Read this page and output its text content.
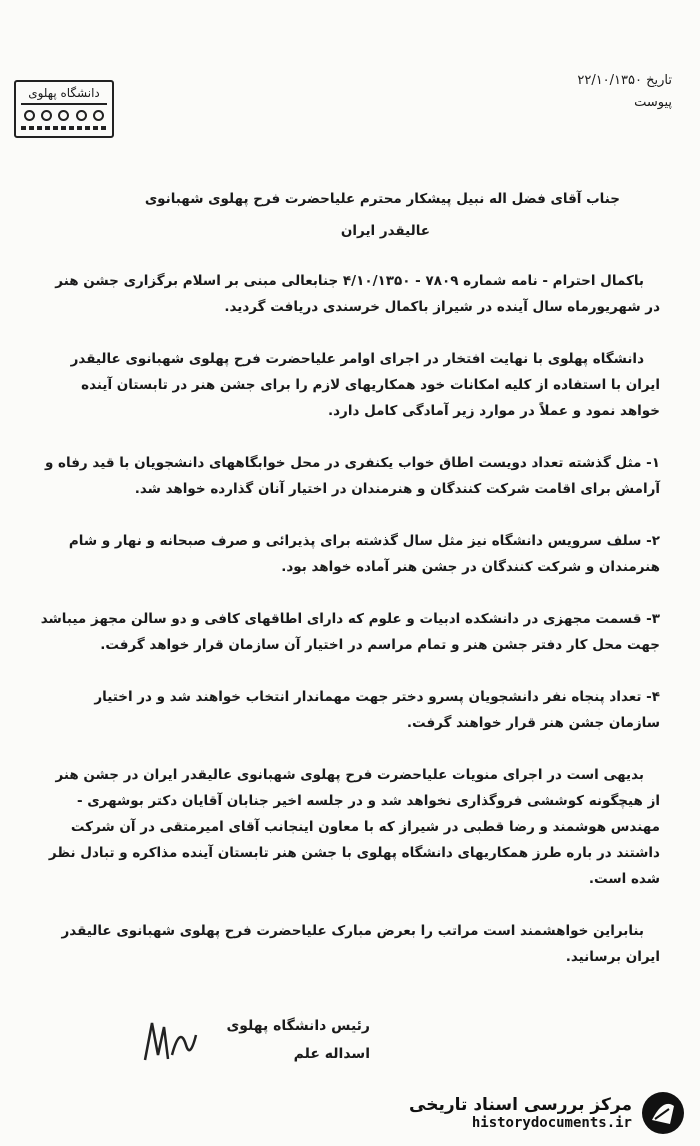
دانشگاه پهلوی
تاریخ ۲۲/۱۰/۱۳۵۰
پیوست

جناب آقای فضل اله نبیل پیشکار محترم علیاحضرت فرح پهلوی شهبانوی

عالیقدر ایران

باکمال احترام - نامه شماره ۷۸۰۹ - ۴/۱۰/۱۳۵۰ جنابعالی مبنی بر اسلام برگزاری جشن هنر در شهریورماه سال آینده در شیراز باکمال خرسندی دریافت گردید.

دانشگاه پهلوی با نهایت افتخار در اجرای اوامر علیاحضرت فرح پهلوی شهبانوی عالیقدر ایران با استفاده از کلیه امکانات خود همکاریهای لازم را برای جشن هنر در تابستان آینده خواهد نمود و عملاً در موارد زیر آمادگی کامل دارد.

۱- مثل گذشته تعداد دویست اطاق خواب یکنفری در محل خوابگاههای دانشجویان با قید رفاه و آرامش برای اقامت شرکت کنندگان و هنرمندان در اختیار آنان گذارده خواهد شد.

۲- سلف سرویس دانشگاه نیز مثل سال گذشته برای پذیرائی و صرف صبحانه و نهار و شام هنرمندان و شرکت کنندگان در جشن هنر آماده خواهد بود.

۳- قسمت مجهزی در دانشکده ادبیات و علوم که دارای اطاقهای کافی و دو سالن مجهز میباشد جهت محل کار دفتر جشن هنر و تمام مراسم در اختیار آن سازمان قرار خواهد گرفت.

۴- تعداد پنجاه نفر دانشجویان پسرو دختر جهت مهماندار انتخاب خواهند شد و در اختیار سازمان جشن هنر قرار خواهند گرفت.

بدیهی است در اجرای منویات علیاحضرت فرح پهلوی شهبانوی عالیقدر ایران در جشن هنر از هیچگونه کوششی فروگذاری نخواهد شد و در جلسه اخیر جنابان آقایان دکتر بوشهری - مهندس هوشمند و رضا قطبی در شیراز که با معاون اینجانب آقای امیرمتقی در آن شرکت داشتند در باره طرز همکاریهای دانشگاه پهلوی با جشن هنر تابستان آینده مذاکره و تبادل نظر شده است.

بنابراین خواهشمند است مراتب را بعرض مبارک علیاحضرت فرح پهلوی شهبانوی عالیقدر ایران برسانید.

رئیس دانشگاه پهلوی
اسداله علم
مرکز بررسی اسناد تاریخی
historydocuments.ir
